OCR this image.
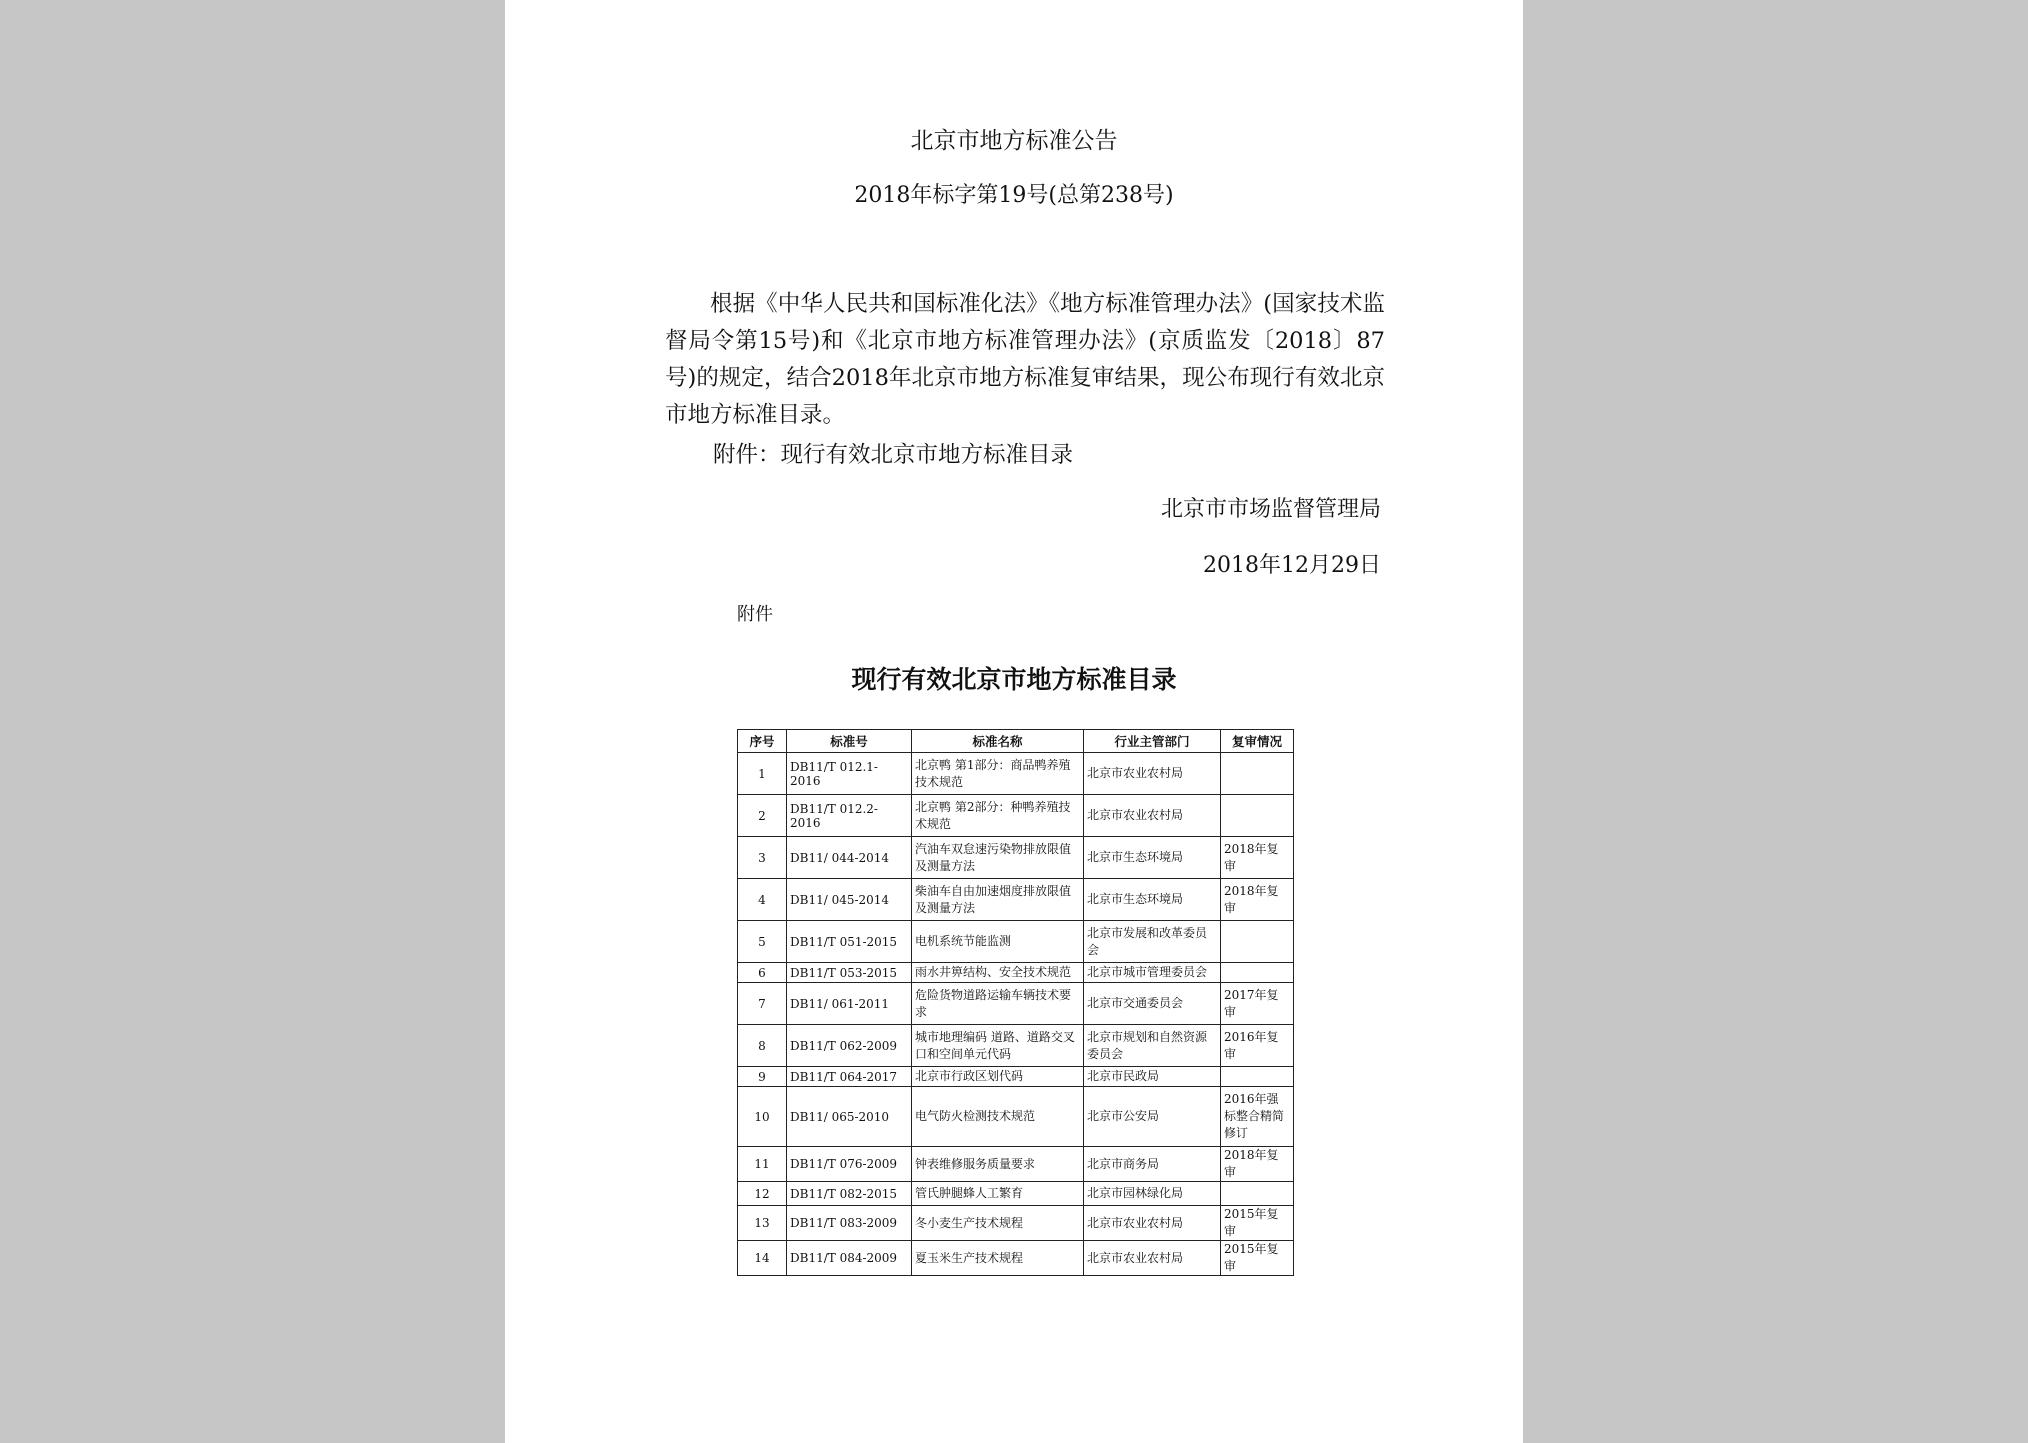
北京市地方标准公告
2018年标字第19号(总第238号)
根据《中华人民共和国标准化法》《地方标准管理办法》(国家技术监督局令第15号)和《北京市地方标准管理办法》(京质监发〔2018〕87号)的规定，结合2018年北京市地方标准复审结果，现公布现行有效北京市地方标准目录。
附件：现行有效北京市地方标准目录
北京市市场监督管理局
2018年12月29日
附件
现行有效北京市地方标准目录
序号	标准号	标准名称	行业主管部门	复审情况
1	DB11/T 012.1-2016	北京鸭 第1部分：商品鸭养殖技术规范	北京市农业农村局	
2	DB11/T 012.2-2016	北京鸭 第2部分：种鸭养殖技术规范	北京市农业农村局	
3	DB11/ 044-2014	汽油车双怠速污染物排放限值及测量方法	北京市生态环境局	2018年复审
4	DB11/ 045-2014	柴油车自由加速烟度排放限值及测量方法	北京市生态环境局	2018年复审
5	DB11/T 051-2015	电机系统节能监测	北京市发展和改革委员会	
6	DB11/T 053-2015	雨水井箅结构、安全技术规范	北京市城市管理委员会	
7	DB11/ 061-2011	危险货物道路运输车辆技术要求	北京市交通委员会	2017年复审
8	DB11/T 062-2009	城市地理编码 道路、道路交叉口和空间单元代码	北京市规划和自然资源委员会	2016年复审
9	DB11/T 064-2017	北京市行政区划代码	北京市民政局	
10	DB11/ 065-2010	电气防火检测技术规范	北京市公安局	2016年强标整合精简修订
11	DB11/T 076-2009	钟表维修服务质量要求	北京市商务局	2018年复审
12	DB11/T 082-2015	管氏肿腿蜂人工繁育	北京市园林绿化局	
13	DB11/T 083-2009	冬小麦生产技术规程	北京市农业农村局	2015年复审
14	DB11/T 084-2009	夏玉米生产技术规程	北京市农业农村局	2015年复审
